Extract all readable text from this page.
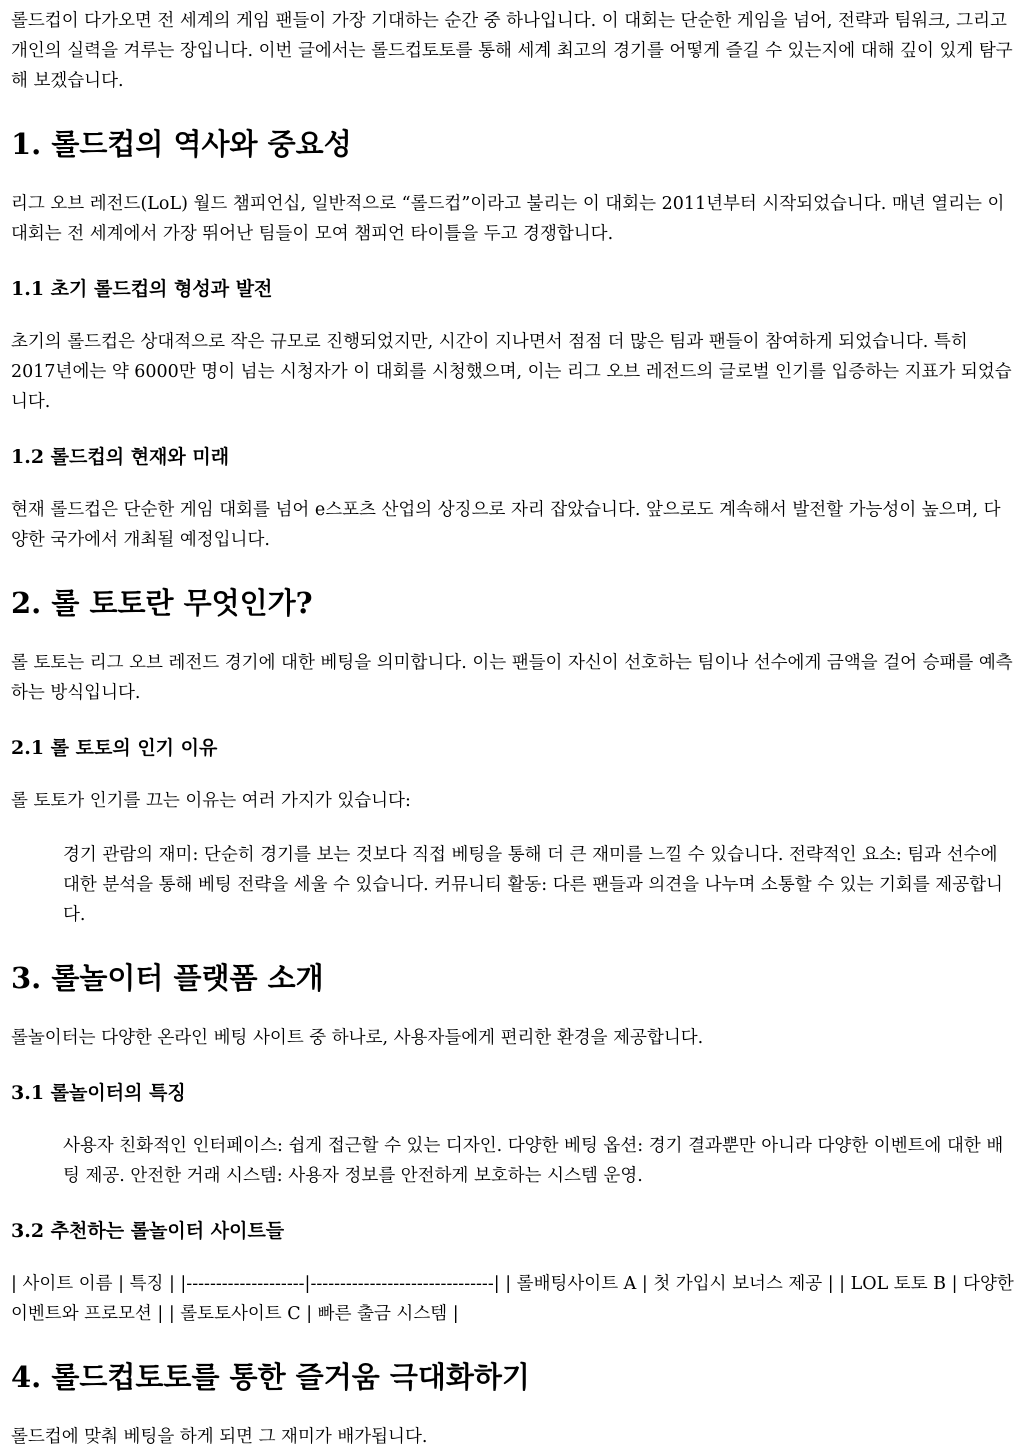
롤드컵이 다가오면 전 세계의 게임 팬들이 가장 기대하는 순간 중 하나입니다. 이 대회는 단순한 게임을 넘어, 전략과 팀워크, 그리고 개인의 실력을 겨루는 장입니다. 이번 글에서는 롤드컵토토를 통해 세계 최고의 경기를 어떻게 즐길 수 있는지에 대해 깊이 있게 탐구해 보겠습니다.

1. 롤드컵의 역사와 중요성

리그 오브 레전드(LoL) 월드 챔피언십, 일반적으로 “롤드컵”이라고 불리는 이 대회는 2011년부터 시작되었습니다. 매년 열리는 이 대회는 전 세계에서 가장 뛰어난 팀들이 모여 챔피언 타이틀을 두고 경쟁합니다.

1.1 초기 롤드컵의 형성과 발전

초기의 롤드컵은 상대적으로 작은 규모로 진행되었지만, 시간이 지나면서 점점 더 많은 팀과 팬들이 참여하게 되었습니다. 특히 2017년에는 약 6000만 명이 넘는 시청자가 이 대회를 시청했으며, 이는 리그 오브 레전드의 글로벌 인기를 입증하는 지표가 되었습니다.

1.2 롤드컵의 현재와 미래

현재 롤드컵은 단순한 게임 대회를 넘어 e스포츠 산업의 상징으로 자리 잡았습니다. 앞으로도 계속해서 발전할 가능성이 높으며, 다양한 국가에서 개최될 예정입니다.

2. 롤 토토란 무엇인가?

롤 토토는 리그 오브 레전드 경기에 대한 베팅을 의미합니다. 이는 팬들이 자신이 선호하는 팀이나 선수에게 금액을 걸어 승패를 예측하는 방식입니다.

2.1 롤 토토의 인기 이유

롤 토토가 인기를 끄는 이유는 여러 가지가 있습니다:

경기 관람의 재미: 단순히 경기를 보는 것보다 직접 베팅을 통해 더 큰 재미를 느낄 수 있습니다. 전략적인 요소: 팀과 선수에 대한 분석을 통해 베팅 전략을 세울 수 있습니다. 커뮤니티 활동: 다른 팬들과 의견을 나누며 소통할 수 있는 기회를 제공합니다.

3. 롤놀이터 플랫폼 소개

롤놀이터는 다양한 온라인 베팅 사이트 중 하나로, 사용자들에게 편리한 환경을 제공합니다.

3.1 롤놀이터의 특징

사용자 친화적인 인터페이스: 쉽게 접근할 수 있는 디자인. 다양한 베팅 옵션: 경기 결과뿐만 아니라 다양한 이벤트에 대한 배팅 제공. 안전한 거래 시스템: 사용자 정보를 안전하게 보호하는 시스템 운영.

3.2 추천하는 롤놀이터 사이트들

| 사이트 이름 | 특징 | |--------------------|-------------------------------| | 롤배팅사이트 A | 첫 가입시 보너스 제공 | | LOL 토토 B | 다양한 이벤트와 프로모션 | | 롤토토사이트 C | 빠른 출금 시스템 |

4. 롤드컵토토를 통한 즐거움 극대화하기

롤드컵에 맞춰 베팅을 하게 되면 그 재미가 배가됩니다.
